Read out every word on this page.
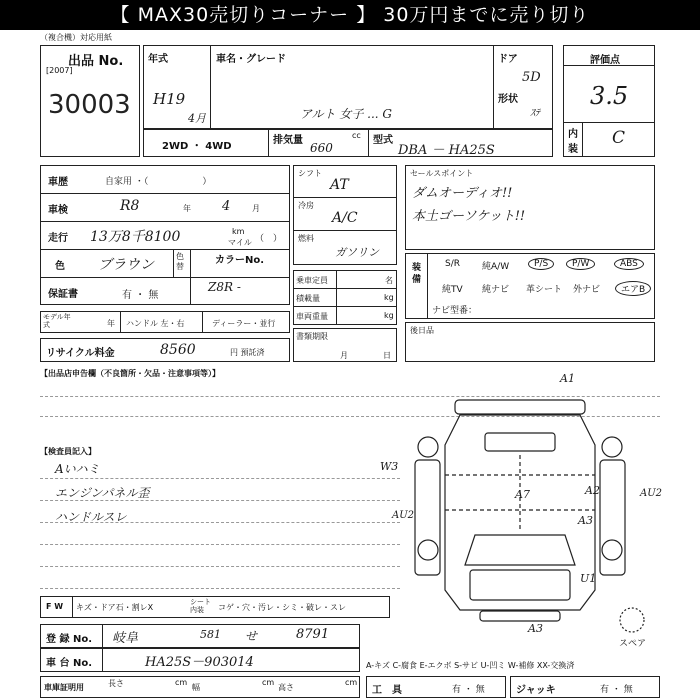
【 MAX30売切りコーナー 】 30万円までに売り切り
（複合機）対応用紙
出品 No.
[2007]
30003
年式
H19
4月
車名・グレード
アルト 女子 ... G
ドア
5D
形状
ｽﾃ
2WD ・ 4WD
排気量	cc
660
型式
DBA － HA25S
評価点
3.5
内
装
C
車歴	自家用 ・（　　　　　　）
車検	R8	年 4	月
走行 13万8千8100	km
マイル （　）
色 ブラウン
色替
カラーNo.
Z8R -
保証書	有 ・ 無
モデル年式	年 ハンドル 左・右	ディーラー・並行
リサイクル料金	8560	円 預託済
シフト
AT
冷房
A/C
燃料
ガソリン
乗車定員	名
積載量	kg
車両重量	kg
書類期限
月	日
セールスポイント
ダムオーディオ!!
本土ゴーソケット!!
装備
S/R 純A/W	P/S	P/W	ABS
純TV 純ナビ 革シート 外ナビ	エアB
ナビ型番：
後日品
【出品店申告欄（不良箇所・欠品・注意事項等）】
【検査員記入】
Aいハミ
エンジンパネル歪
ハンドルスレ
A1
W3
AU2
A2
A3
A7	AU2
U1
A3
スペア
F W キズ・ドア石・割レX
シート内装	コゲ・穴・汚レ・シミ・破レ・スレ
登 録 No. 岐阜	581 せ	8791
車 台 No.	HA25S－903014	A-キズ C-腐食 E-エクボ S-サビ U-凹ミ W-補修 XX-交換済
車庫証明用	長さ	cm
幅
cm
高さ
cm
工　具	有 ・ 無	ジャッキ	有 ・ 無
